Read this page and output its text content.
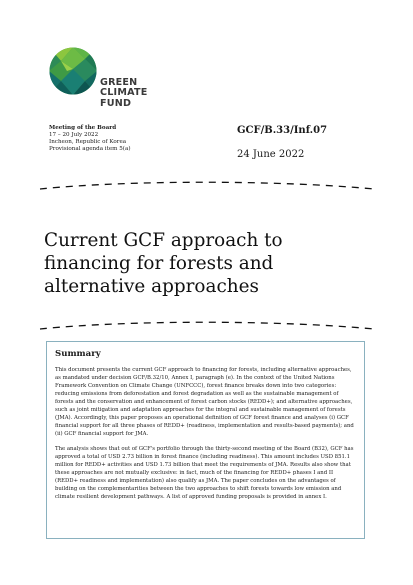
GREEN
CLIMATE
FUND
Meeting of the Board
17 – 20 July 2022
Incheon, Republic of Korea
Provisional agenda item 5(a)
GCF/B.33/Inf.07
24 June 2022
Current GCF approach to financing for forests and alternative approaches
Summary
This document presents the current GCF approach to financing for forests, including alternative approaches, as mandated under decision GCF/B.32/10, Annex I, paragraph (e). In the context of the United Nations Framework Convention on Climate Change (UNFCCC), forest finance breaks down into two categories: reducing emissions from deforestation and forest degradation as well as the sustainable management of forests and the conservation and enhancement of forest carbon stocks (REDD+); and alternative approaches, such as joint mitigation and adaptation approaches for the integral and sustainable management of forests (JMA). Accordingly, this paper proposes an operational definition of GCF forest finance and analyses (i) GCF financial support for all three phases of REDD+ (readiness, implementation and results-based payments); and (ii) GCF financial support for JMA.
The analysis shows that out of GCF's portfolio through the thirty-second meeting of the Board (B32), GCF has approved a total of USD 2.73 billion in forest finance (including readiness). This amount includes USD 851.1 million for REDD+ activities and USD 1.73 billion that meet the requirements of JMA. Results also show that these approaches are not mutually exclusive: in fact, much of the financing for REDD+ phases I and II (REDD+ readiness and implementation) also qualify as JMA. The paper concludes on the advantages of building on the complementarities between the two approaches to shift forests towards low emission and climate resilient development pathways. A list of approved funding proposals is provided in annex I.
